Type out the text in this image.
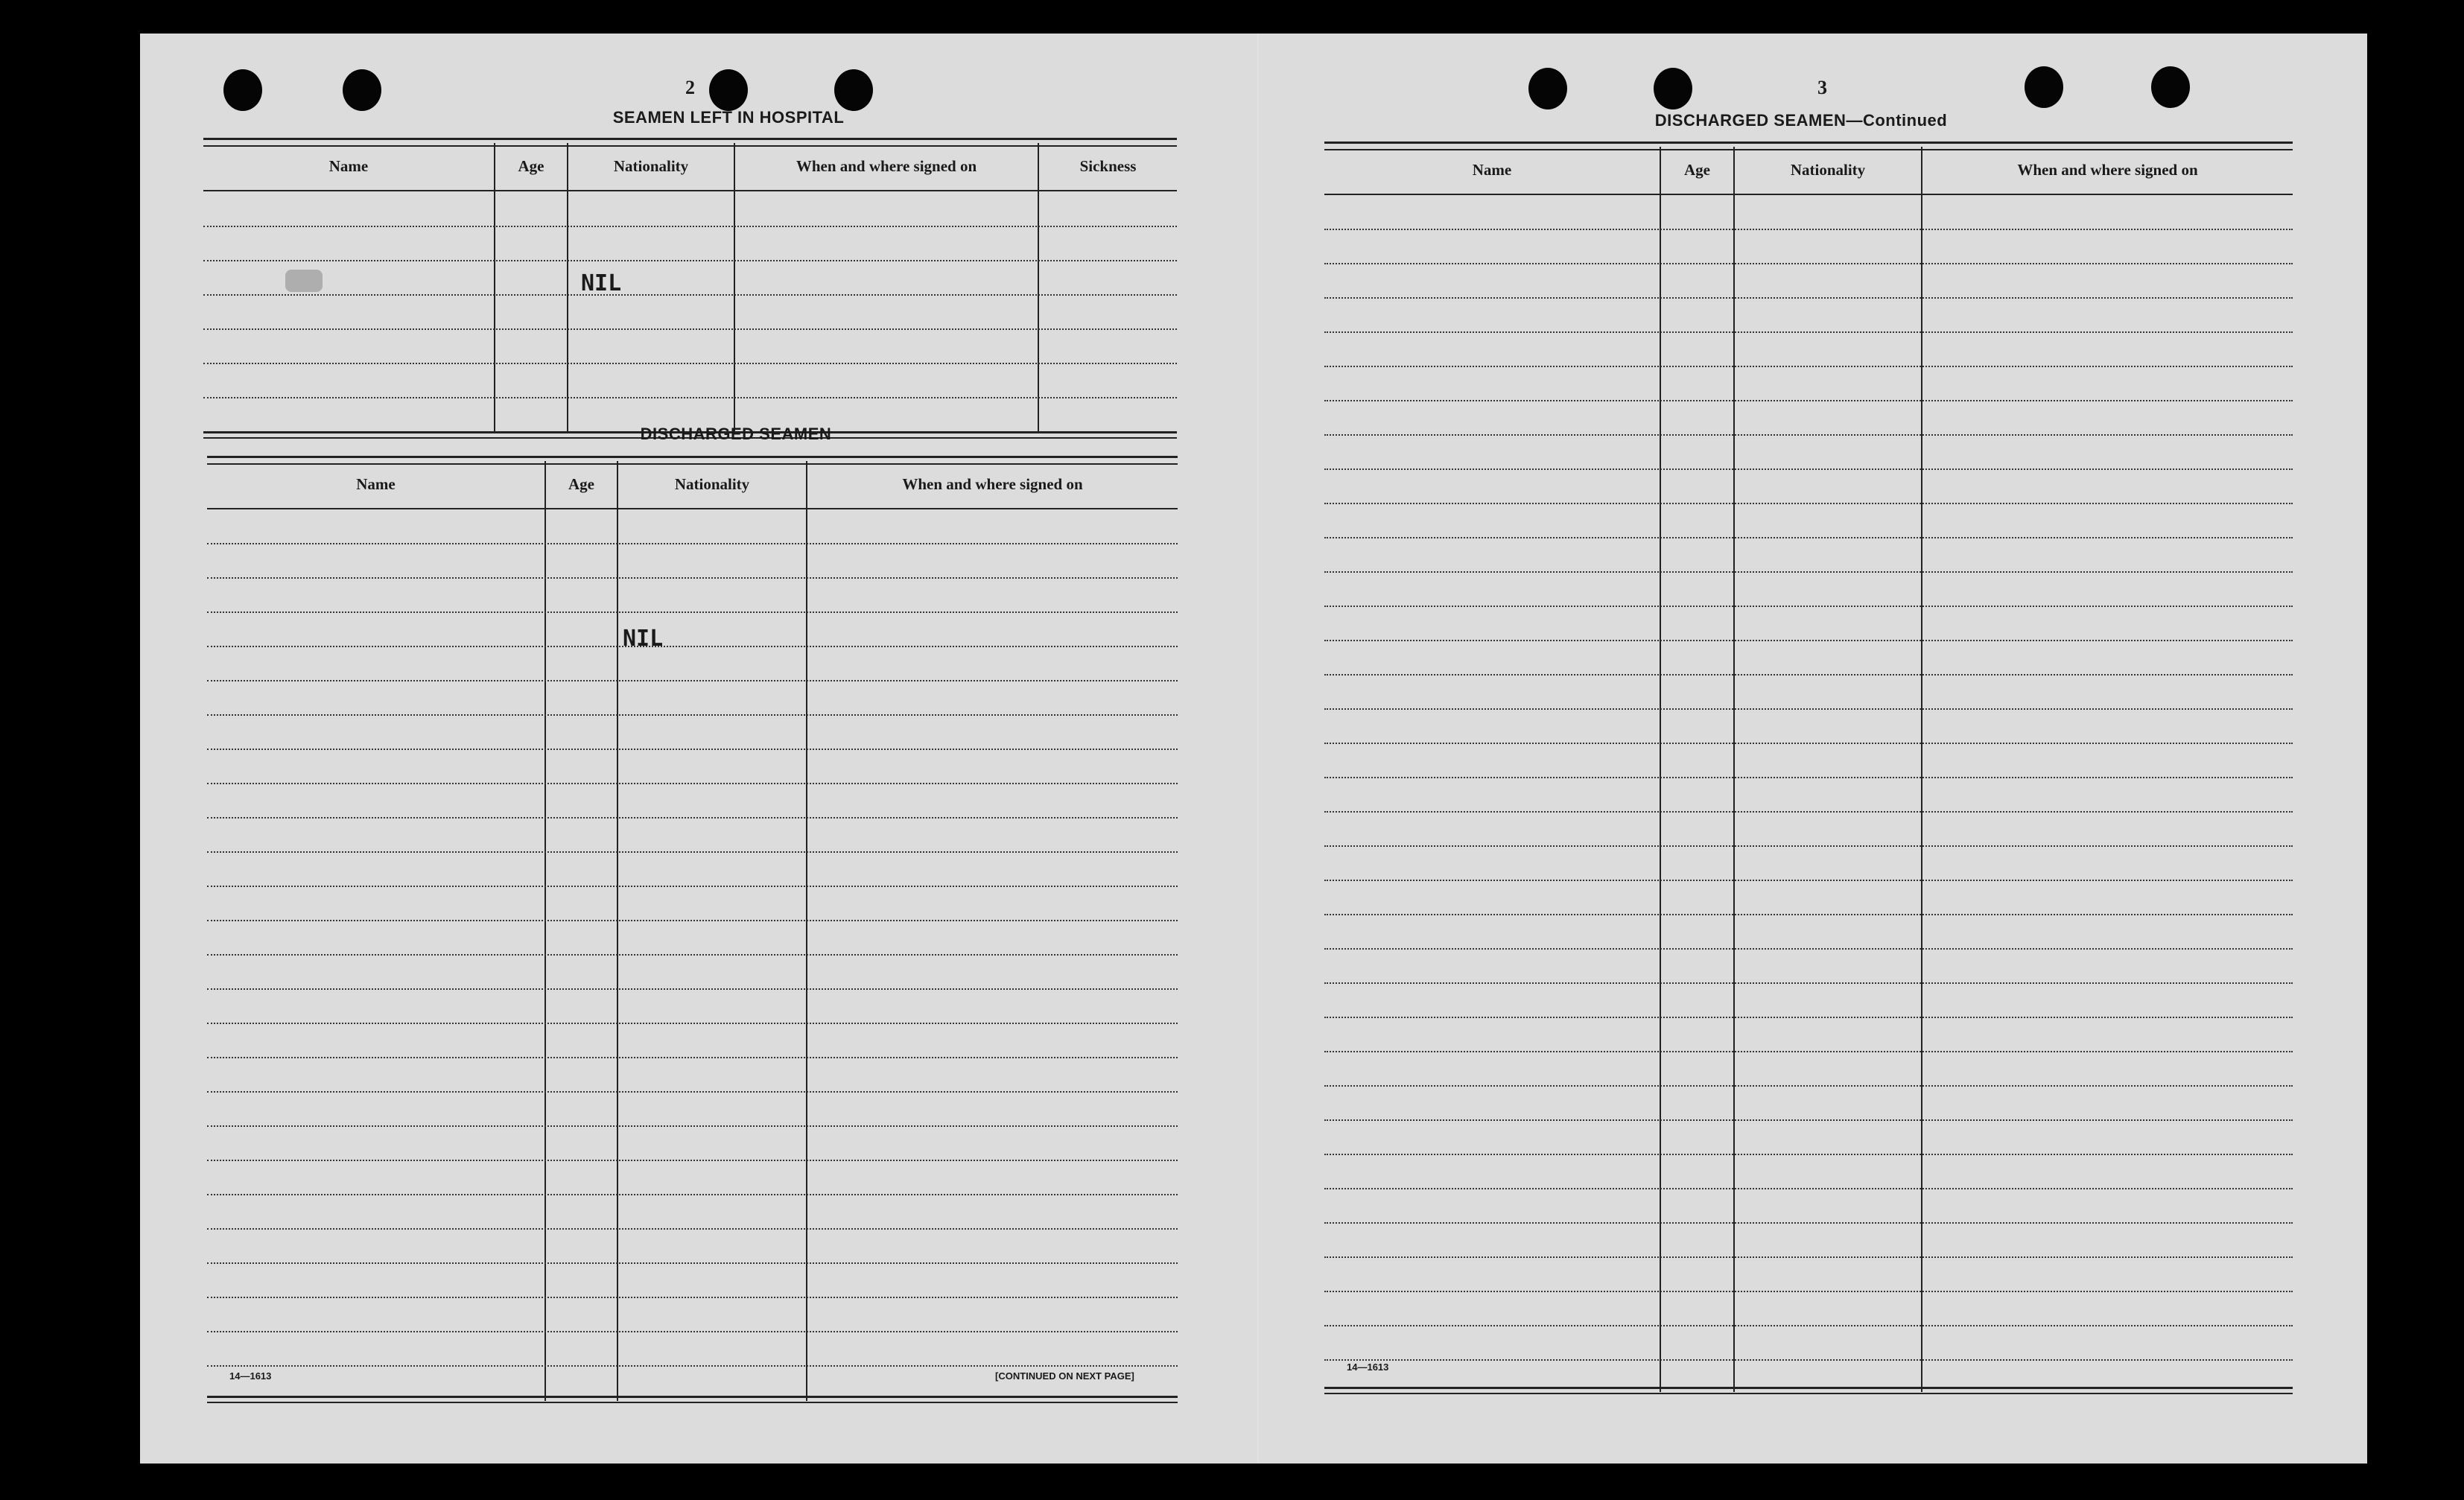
2
SEAMEN LEFT IN HOSPITAL
Name	Age	Nationality	When and where signed on	Sickness
NIL
DISCHARGED SEAMEN
Name	Age	Nationality	When and where signed on
NIL
14—1613	[CONTINUED ON NEXT PAGE]
3
DISCHARGED SEAMEN—Continued
Name	Age	Nationality	When and where signed on
14—1613
